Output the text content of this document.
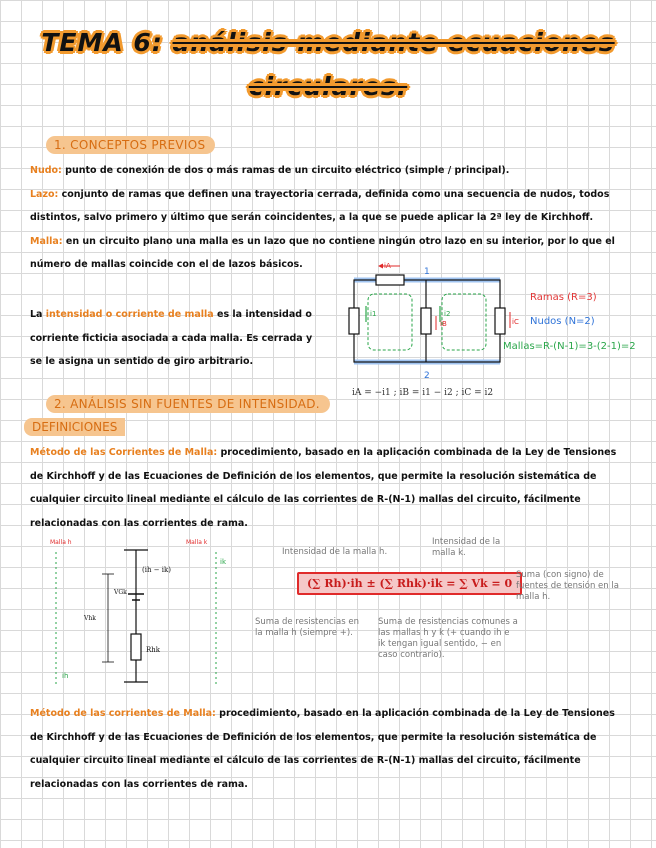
TEMA 6: análisis mediante ecuaciones
circulares.
1. CONCEPTOS PREVIOS

Nudo: punto de conexión de dos o más ramas de un circuito eléctrico (simple / principal).

Lazo: conjunto de ramas que definen una trayectoria cerrada, definida como una secuencia de nudos, todos distintos, salvo primero y último que serán coincidentes, a la que se puede aplicar la 2ª ley de Kirchhoff.

Malla: en un circuito plano una malla es un lazo que no contiene ningún otro lazo en su interior, por lo que el número de mallas coincide con el de lazos básicos.

La intensidad o corriente de malla es la intensidad o corriente ficticia asociada a cada malla. Es cerrada y se le asigna un sentido de giro arbitrario.

1
2
iA
i1
iB
i2
iC
Ramas (R=3)
Nudos (N=2)
Mallas=R-(N-1)=3-(2-1)=2
iA = −i1 ; iB = i1 − i2 ; iC = i2
2. ANÁLISIS SIN FUENTES DE INTENSIDAD.
DEFINICIONES

Método de las Corrientes de Malla: procedimiento, basado en la aplicación combinada de la Ley de Tensiones de Kirchhoff y de las Ecuaciones de Definición de los elementos, que permite la resolución sistemática de cualquier circuito lineal mediante el cálculo de las corrientes de R-(N-1) mallas del circuito, fácilmente relacionadas con las corrientes de rama.

Malla h	Malla k
(ih − ik)
VGk
Vhk
Rhk
ih
ik
Intensidad de la malla h.
Intensidad de la malla k.
(∑ Rh)·ih ± (∑ Rhk)·ik = ∑ Vk = 0
Suma (con signo) de fuentes de tensión en la malla h.
Suma de resistencias en la malla h (siempre +).
Suma de resistencias comunes a las mallas h y k (+ cuando ih e ik tengan igual sentido, − en caso contrario).

Método de las corrientes de Malla: procedimiento, basado en la aplicación combinada de la Ley de Tensiones de Kirchhoff y de las Ecuaciones de Definición de los elementos, que permite la resolución sistemática de cualquier circuito lineal mediante el cálculo de las corrientes de R-(N-1) mallas del circuito, fácilmente relacionadas con las corrientes de rama.
